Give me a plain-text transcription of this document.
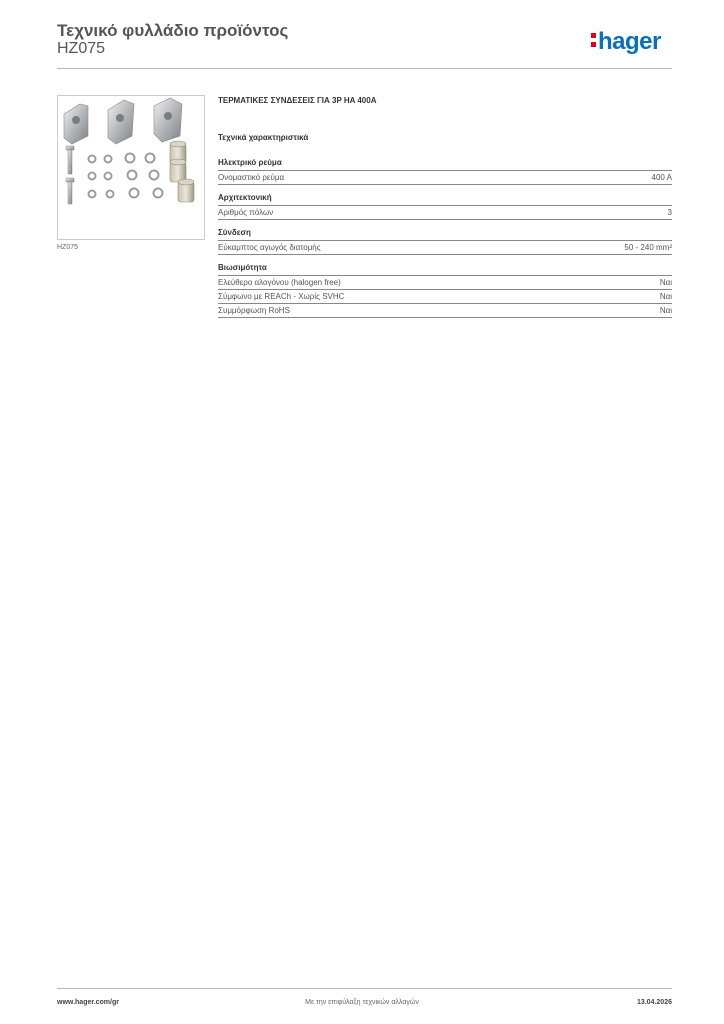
Τεχνικό φυλλάδιο προϊόντος
HZ075	hager
HZ075
ΤΕΡΜΑΤΙΚΕΣ ΣΥΝΔΕΣΕΙΣ ΓΙΑ 3P HA 400A
Τεχνικά χαρακτηριστικά
Ηλεκτρικό ρεύμα
Ονομαστικό ρεύμα	400 A
Αρχιτεκτονική
Αριθμός πόλων	3
Σύνδεση
Εύκαμπτος αγωγός διατομής	50 - 240 mm²
Βιωσιμότητα
Ελεύθερο αλογόνου (halogen free)	Ναι
Σύμφωνο με REACh - Χωρίς SVHC	Ναι
Συμμόρφωση RoHS	Ναι
www.hager.com/gr	Με την επιφύλαξη τεχνικών αλλαγών	13.04.2026
